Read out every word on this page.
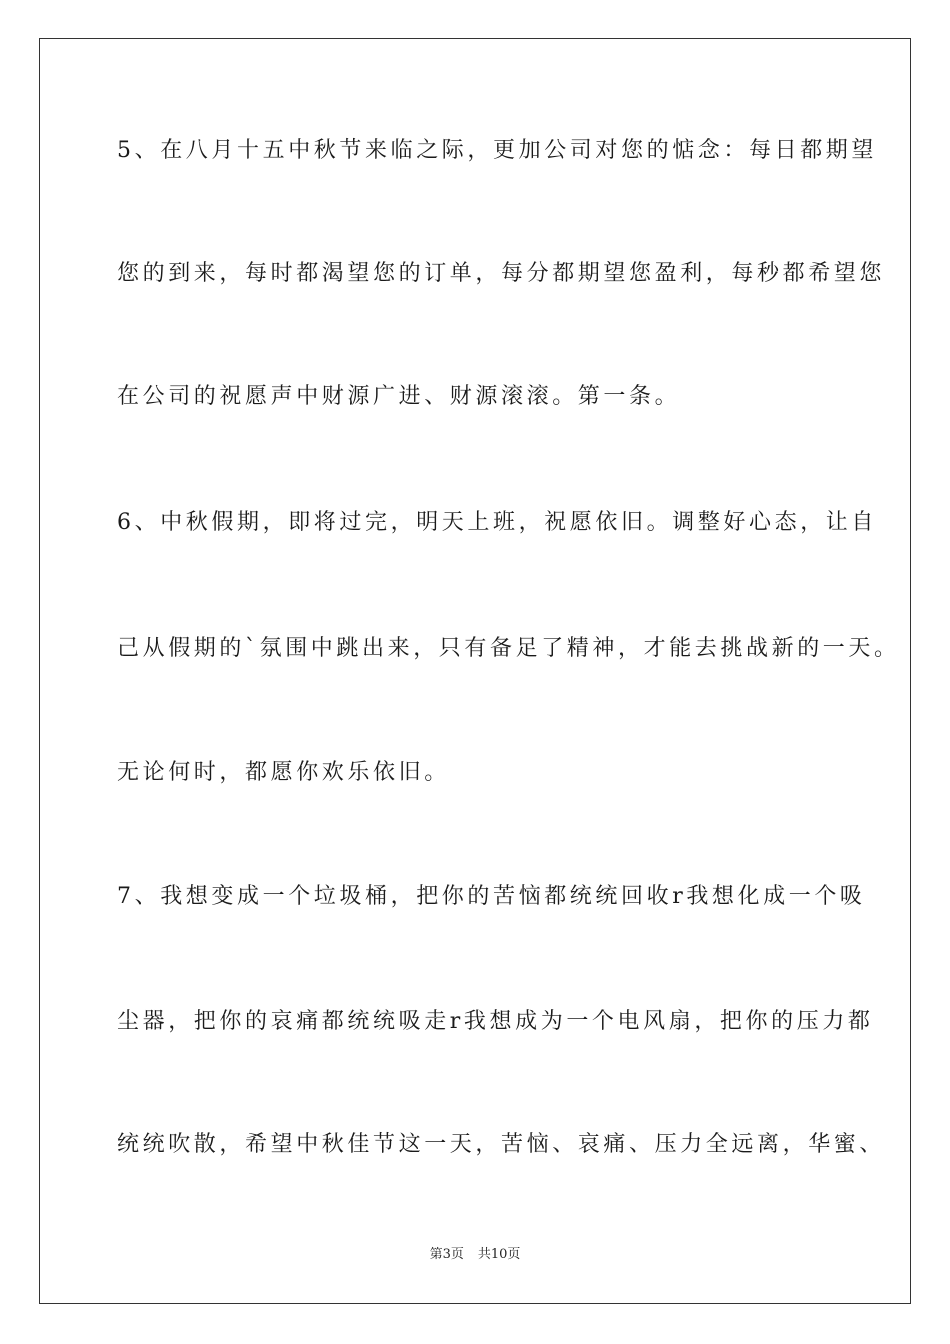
5、在八月十五中秋节来临之际，更加公司对您的惦念：每日都期望
您的到来，每时都渴望您的订单，每分都期望您盈利，每秒都希望您
在公司的祝愿声中财源广进、财源滚滚。第一条。
6、中秋假期，即将过完，明天上班，祝愿依旧。调整好心态，让自
己从假期的`氛围中跳出来，只有备足了精神，才能去挑战新的一天。
无论何时，都愿你欢乐依旧。
7、我想变成一个垃圾桶，把你的苦恼都统统回收r我想化成一个吸
尘器，把你的哀痛都统统吸走r我想成为一个电风扇，把你的压力都
统统吹散，希望中秋佳节这一天，苦恼、哀痛、压力全远离，华蜜、
第3页 共10页
